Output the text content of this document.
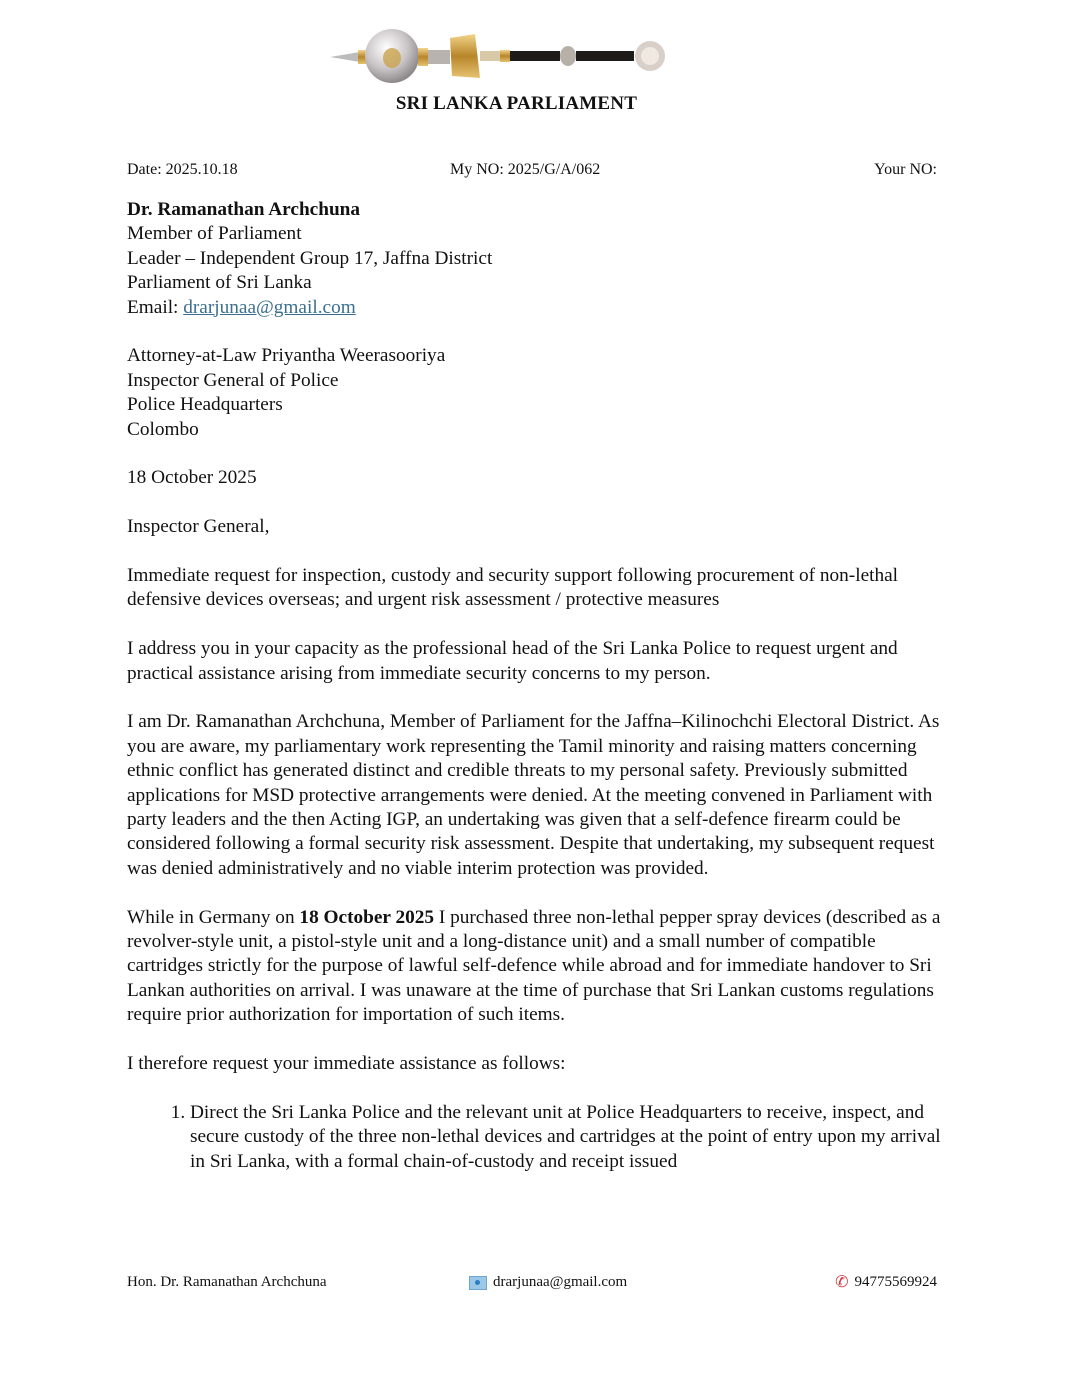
SRI LANKA PARLIAMENT
Date: 2025.10.18	My NO: 2025/G/A/062	Your NO:

Dr. Ramanathan Archchuna

Member of Parliament

Leader – Independent Group 17, Jaffna District

Parliament of Sri Lanka

Email: drarjunaa@gmail.com

Attorney-at-Law Priyantha Weerasooriya

Inspector General of Police

Police Headquarters

Colombo

18 October 2025

Inspector General,

Immediate request for inspection, custody and security support following procurement of non-lethal defensive devices overseas; and urgent risk assessment / protective measures

I address you in your capacity as the professional head of the Sri Lanka Police to request urgent and practical assistance arising from immediate security concerns to my person.

I am Dr. Ramanathan Archchuna, Member of Parliament for the Jaffna–Kilinochchi Electoral District. As you are aware, my parliamentary work representing the Tamil minority and raising matters concerning ethnic conflict has generated distinct and credible threats to my personal safety. Previously submitted applications for MSD protective arrangements were denied. At the meeting convened in Parliament with party leaders and the then Acting IGP, an undertaking was given that a self-defence firearm could be considered following a formal security risk assessment. Despite that undertaking, my subsequent request was denied administratively and no viable interim protection was provided.

While in Germany on 18 October 2025 I purchased three non-lethal pepper spray devices (described as a revolver-style unit, a pistol-style unit and a long-distance unit) and a small number of compatible cartridges strictly for the purpose of lawful self-defence while abroad and for immediate handover to Sri Lankan authorities on arrival. I was unaware at the time of purchase that Sri Lankan customs regulations require prior authorization for importation of such items.

I therefore request your immediate assistance as follows:

1. Direct the Sri Lanka Police and the relevant unit at Police Headquarters to receive, inspect, and secure custody of the three non-lethal devices and cartridges at the point of entry upon my arrival in Sri Lanka, with a formal chain-of-custody and receipt issued
Hon. Dr. Ramanathan Archchuna	drarjunaa@gmail.com	✆ 94775569924
